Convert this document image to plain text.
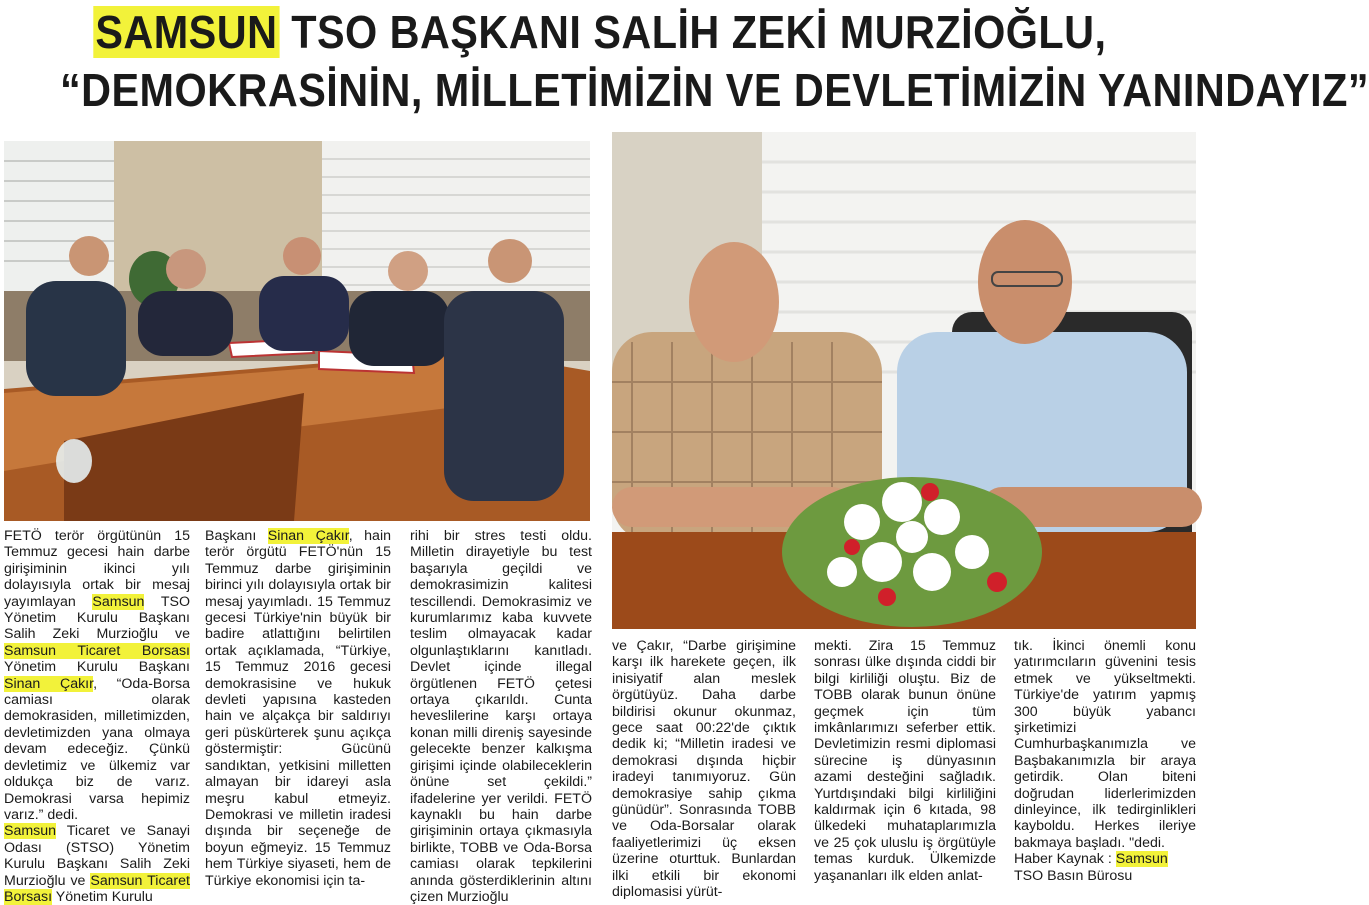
SAMSUN TSO BAŞKANI SALİH ZEKİ MURZİOĞLU,
“DEMOKRASİNİN, MİLLETİMİZİN VE DEVLETİMİZİN YANINDAYIZ”

FETÖ terör örgütünün 15 Temmuz gecesi hain darbe girişiminin ikinci yılı dolayısıyla ortak bir mesaj yayımlayan Samsun TSO Yönetim Kurulu Başkanı Salih Zeki Murzioğlu ve Samsun Ticaret Borsası Yönetim Kurulu Başkanı Sinan Çakır, “Oda-Borsa camiası olarak demokrasiden, milletimizden, devletimizden yana olmaya devam edeceğiz. Çünkü devletimiz ve ülkemiz var oldukça biz de varız. Demokrasi varsa hepimiz varız.” dedi.

Samsun Ticaret ve Sanayi Odası (STSO) Yönetim Kurulu Başkanı Salih Zeki Murzioğlu ve Samsun Ticaret Borsası Yönetim Kurulu

Başkanı Sinan Çakır, hain terör örgütü FETÖ'nün 15 Temmuz darbe girişiminin birinci yılı dolayısıyla ortak bir mesaj yayımladı. 15 Temmuz gecesi Türkiye'nin büyük bir badire atlattığını belirtilen ortak açıklamada, “Türkiye, 15 Temmuz 2016 gecesi demokrasisine ve hukuk devleti yapısına kasteden hain ve alçakça bir saldırıyı geri püskürterek şunu açıkça göstermiştir: Gücünü sandıktan, yetkisini milletten almayan bir idareyi asla meşru kabul etmeyiz. Demokrasi ve milletin iradesi dışında bir seçeneğe de boyun eğmeyiz. 15 Temmuz hem Türkiye siyaseti, hem de Türkiye ekonomisi için ta-

rihi bir stres testi oldu. Milletin dirayetiyle bu test başarıyla geçildi ve demokrasimizin kalitesi tescillendi. Demokrasimiz ve kurumlarımız kaba kuvvete teslim olmayacak kadar olgunlaştıklarını kanıtladı. Devlet içinde illegal örgütlenen FETÖ çetesi ortaya çıkarıldı. Cunta heveslilerine karşı ortaya konan milli direniş sayesinde gelecekte benzer kalkışma girişimi içinde olabileceklerin önüne set çekildi.” ifadelerine yer verildi. FETÖ kaynaklı bu hain darbe girişiminin ortaya çıkmasıyla birlikte, TOBB ve Oda-Borsa camiası olarak tepkilerini anında gösterdiklerinin altını çizen Murzioğlu

ve Çakır, “Darbe girişimine karşı ilk harekete geçen, ilk inisiyatif alan meslek örgütüyüz. Daha darbe bildirisi okunur okunmaz, gece saat 00:22'de çıktık dedik ki; “Milletin iradesi ve demokrasi dışında hiçbir iradeyi tanımıyoruz. Gün demokrasiye sahip çıkma günüdür”. Sonrasında TOBB ve Oda-Borsalar olarak faaliyetlerimizi üç eksen üzerine oturttuk. Bunlardan ilki etkili bir ekonomi diplomasisi yürüt-

mekti. Zira 15 Temmuz sonrası ülke dışında ciddi bir bilgi kirliliği oluştu. Biz de TOBB olarak bunun önüne geçmek için tüm imkânlarımızı seferber ettik. Devletimizin resmi diplomasi sürecine iş dünyasının azami desteğini sağladık. Yurtdışındaki bilgi kirliliğini kaldırmak için 6 kıtada, 98 ülkedeki muhataplarımızla ve 25 çok uluslu iş örgütüyle temas kurduk. Ülkemizde yaşananları ilk elden anlat-

tık. İkinci önemli konu yatırımcıların güvenini tesis etmek ve yükseltmekti. Türkiye'de yatırım yapmış 300 büyük yabancı şirketimizi Cumhurbaşkanımızla ve Başbakanımızla bir araya getirdik. Olan biteni doğrudan liderlerimizden dinleyince, ilk tedirginlikleri kayboldu. Herkes ileriye bakmaya başladı. "dedi.

Haber Kaynak : Samsun

TSO Basın Bürosu
